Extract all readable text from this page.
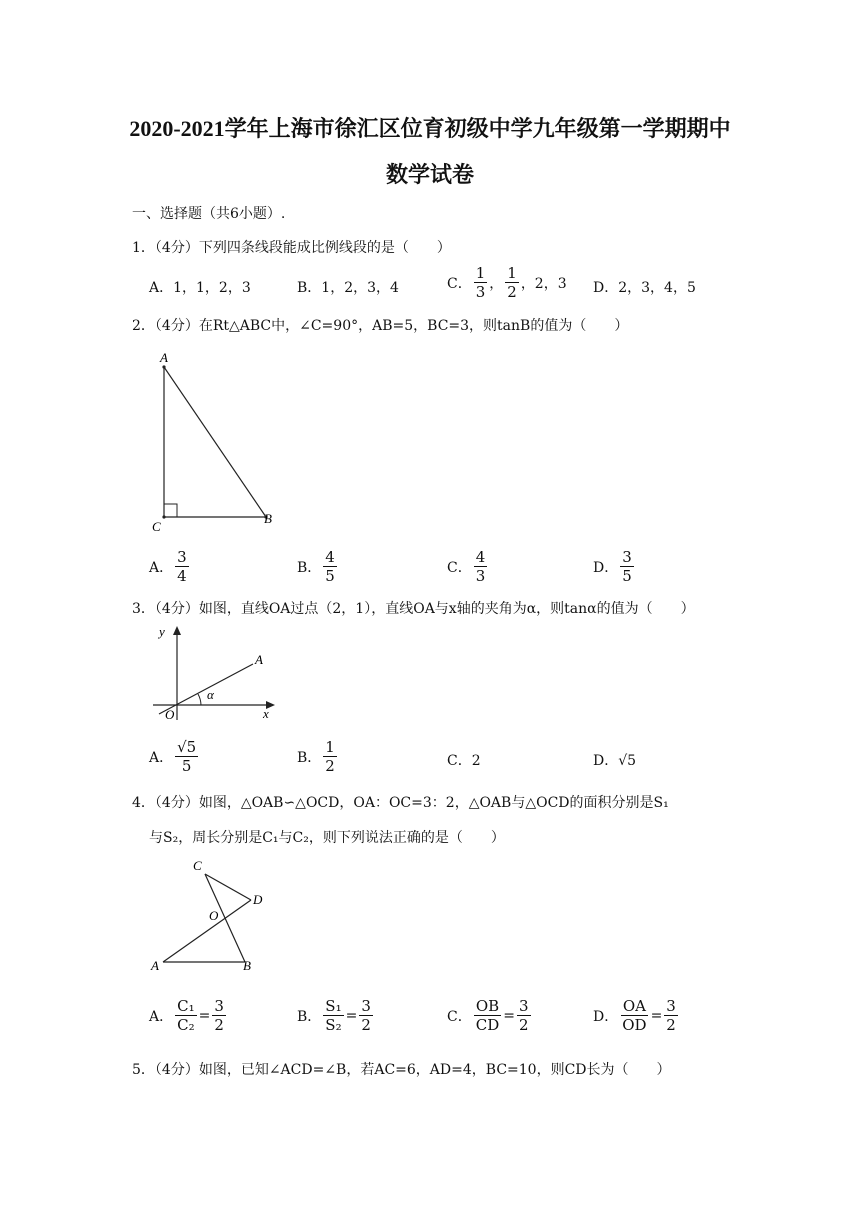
2020-2021学年上海市徐汇区位育初级中学九年级第一学期期中
数学试卷
一、选择题（共6小题）.
1．（4分）下列四条线段能成比例线段的是（　　）
A．1，1，2，3	B．1，2，3，4	C． $\frac{1}{3}$ ， $\frac{1}{2}$ ，2，3 D．2，3，4，5
2．（4分）在Rt△ABC中，∠C=90°，AB=5，BC=3，则tanB的值为（　　）
A
C
B
A． $\frac{3}{4}$	B． $\frac{4}{5}$	C． $\frac{4}{3}$	D． $\frac{3}{5}$
3．（4分）如图，直线OA过点（2，1），直线OA与x轴的夹角为α，则tanα的值为（　　）
y
x
O
A
α
A． $\frac{√5}{5}$	B． $\frac{1}{2}$	C．2	D．√5
4．（4分）如图，△OAB∽△OCD，OA：OC=3：2，△OAB与△OCD的面积分别是S₁
与S₂，周长分别是C₁与C₂，则下列说法正确的是（　　）
C
D
O
A	B
A． $\frac{\text{C₁}}{\text{C₂}} = \frac{3}{2}$	B． $\frac{\text{S₁}}{\text{S₂}} = \frac{3}{2}$	C． $\frac{OB}{CD} = \frac{3}{2}$	D． $\frac{OA}{OD} = \frac{3}{2}$
5．（4分）如图，已知∠ACD=∠B，若AC=6，AD=4，BC=10，则CD长为（　　）
